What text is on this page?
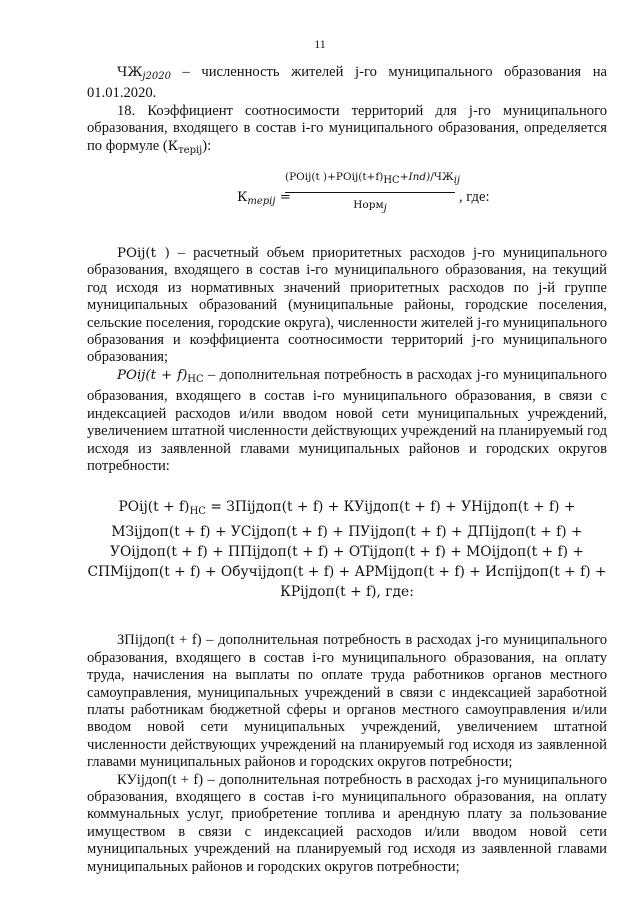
11

$ЧЖ_{j2020}$ – численность жителей j-го муниципального образования на 01.01.2020.

18. Коэффициент соотносимости территорий для j-го муниципального образования, входящего в состав i-го муниципального образования, определяется по формуле $(К_{терij})$:

$К_{терij}$ =
(POij(t )+POij(t+f)НС+Ind)/ЧЖij
Нормj
, где:

POij(t ) – расчетный объем приоритетных расходов j-го муниципального образования, входящего в состав i-го муниципального образования, на текущий год исходя из нормативных значений приоритетных расходов по j-й группе муниципальных образований (муниципальные районы, городские поселения, сельские поселения, городские округа), численности жителей j-го муниципального образования и коэффициента соотносимости территорий j-го муниципального образования;

POij(t + $f)_{НС}$ – дополнительная потребность в расходах j-го муниципального образования, входящего в состав i-го муниципального образования, в связи с индексацией расходов и/или вводом новой сети муниципальных учреждений, увеличением штатной численности действующих учреждений на планируемый год исходя из заявленной главами муниципальных районов и городских округов потребности:

POij(t + $f)_{НС}$ = ЗПijдоп(t + f) + КУijдоп(t + f) + УНijдоп(t + f) +
МЗijдоп(t + f) + УСijдоп(t + f) + ПУijдоп(t + f) + ДПijдоп(t + f) +
УОijдоп(t + f) + ППijдоп(t + f) + ОТijдоп(t + f) + МОijдоп(t + f) +
СПМijдоп(t + f) + Обучijдоп(t + f) + АРМijдоп(t + f) + Испijдоп(t + f) +
КРijдоп(t + f), где:

ЗПijдоп(t + f) – дополнительная потребность в расходах j-го муниципального образования, входящего в состав i-го муниципального образования, на оплату труда, начисления на выплаты по оплате труда работников органов местного самоуправления, муниципальных учреждений в связи с индексацией заработной платы работникам бюджетной сферы и органов местного самоуправления и/или вводом новой сети муниципальных учреждений, увеличением штатной численности действующих учреждений на планируемый год исходя из заявленной главами муниципальных районов и городских округов потребности;

КУijдоп(t + f) – дополнительная потребность в расходах j-го муниципального образования, входящего в состав i-го муниципального образования, на оплату коммунальных услуг, приобретение топлива и арендную плату за пользование имуществом в связи с индексацией расходов и/или вводом новой сети муниципальных учреждений на планируемый год исходя из заявленной главами муниципальных районов и городских округов потребности;
